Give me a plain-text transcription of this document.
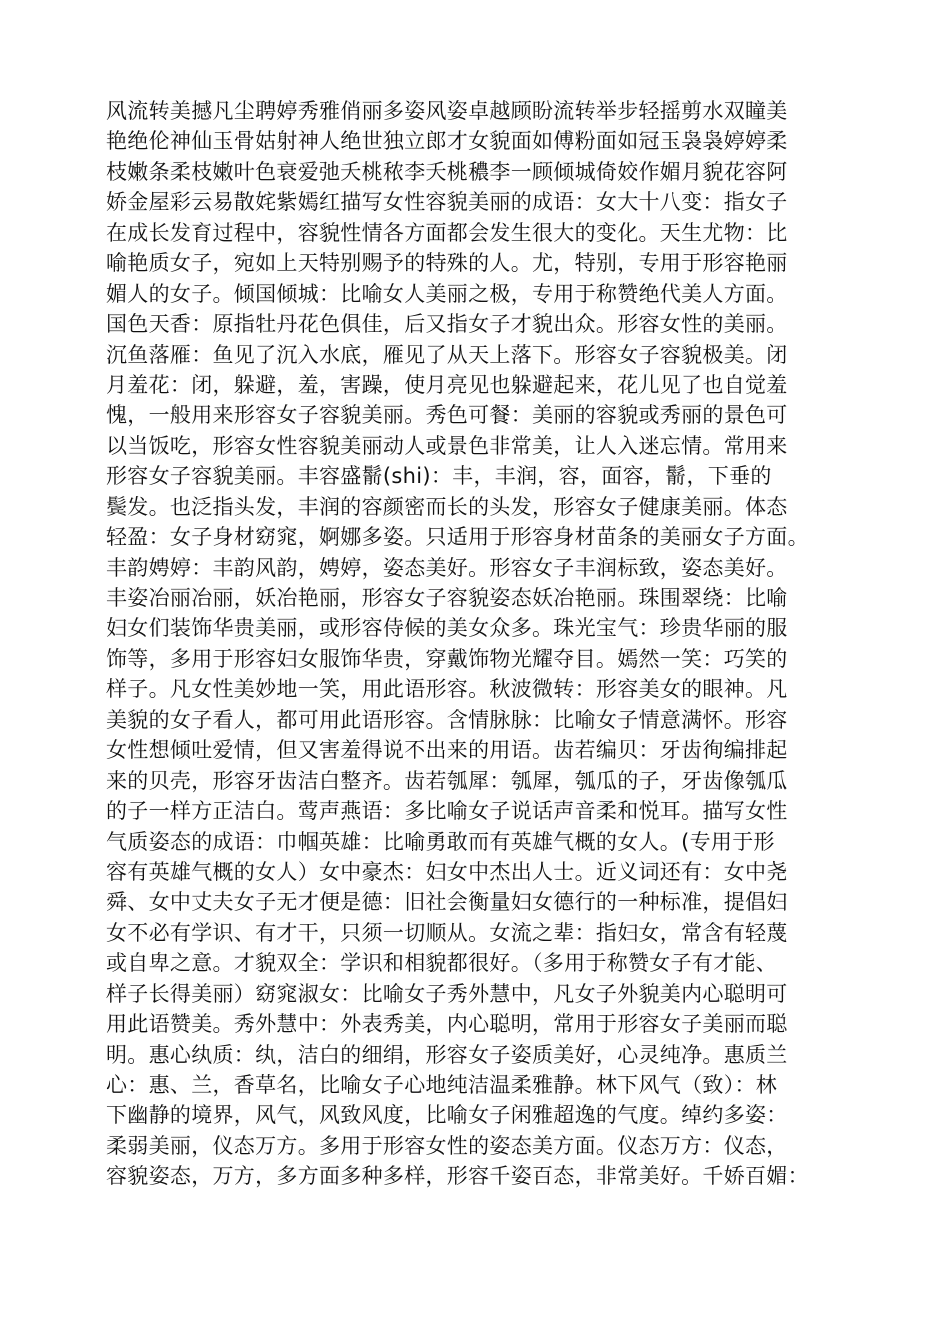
风流转美撼凡尘聘婷秀雅俏丽多姿风姿卓越顾盼流转举步轻摇剪水双瞳美
艳绝伦神仙玉骨姑射神人绝世独立郎才女貌面如傅粉面如冠玉袅袅婷婷柔
枝嫩条柔枝嫩叶色衰爱弛夭桃秾李夭桃穠李一顾倾城倚姣作媚月貌花容阿
娇金屋彩云易散姹紫嫣红描写女性容貌美丽的成语：女大十八变：指女子
在成长发育过程中，容貌性情各方面都会发生很大的变化。天生尤物：比
喻艳质女子，宛如上天特别赐予的特殊的人。尤，特别，专用于形容艳丽
媚人的女子。倾国倾城：比喻女人美丽之极，专用于称赞绝代美人方面。
国色天香：原指牡丹花色俱佳，后又指女子才貌出众。形容女性的美丽。
沉鱼落雁：鱼见了沉入水底，雁见了从天上落下。形容女子容貌极美。闭
月羞花：闭，躲避，羞，害躁，使月亮见也躲避起来，花儿见了也自觉羞
愧，一般用来形容女子容貌美丽。秀色可餐：美丽的容貌或秀丽的景色可
以当饭吃，形容女性容貌美丽动人或景色非常美，让人入迷忘情。常用来
形容女子容貌美丽。丰容盛鬋(shi)：丰，丰润，容，面容，鬋，下垂的
鬓发。也泛指头发，丰润的容颜密而长的头发，形容女子健康美丽。体态
轻盈：女子身材窈窕，婀娜多姿。只适用于形容身材苗条的美丽女子方面。
丰韵娉婷：丰韵风韵，娉婷，姿态美好。形容女子丰润标致，姿态美好。
丰姿冶丽冶丽，妖冶艳丽，形容女子容貌姿态妖冶艳丽。珠围翠绕：比喻
妇女们装饰华贵美丽，或形容侍候的美女众多。珠光宝气：珍贵华丽的服
饰等，多用于形容妇女服饰华贵，穿戴饰物光耀夺目。嫣然一笑：巧笑的
样子。凡女性美妙地一笑，用此语形容。秋波微转：形容美女的眼神。凡
美貌的女子看人，都可用此语形容。含情脉脉：比喻女子情意满怀。形容
女性想倾吐爱情，但又害羞得说不出来的用语。齿若编贝：牙齿徇编排起
来的贝壳，形容牙齿洁白整齐。齿若瓠犀：瓠犀，瓠瓜的子，牙齿像瓠瓜
的子一样方正洁白。莺声燕语：多比喻女子说话声音柔和悦耳。描写女性
气质姿态的成语：巾帼英雄：比喻勇敢而有英雄气概的女人。(专用于形
容有英雄气概的女人）女中豪杰：妇女中杰出人士。近义词还有：女中尧
舜、女中丈夫女子无才便是德：旧社会衡量妇女德行的一种标准，提倡妇
女不必有学识、有才干，只须一切顺从。女流之辈：指妇女，常含有轻蔑
或自卑之意。才貌双全：学识和相貌都很好。（多用于称赞女子有才能、
样子长得美丽）窈窕淑女：比喻女子秀外慧中，凡女子外貌美内心聪明可
用此语赞美。秀外慧中：外表秀美，内心聪明，常用于形容女子美丽而聪
明。惠心纨质：纨，洁白的细绢，形容女子姿质美好，心灵纯净。惠质兰
心：惠、兰，香草名，比喻女子心地纯洁温柔雅静。林下风气（致）：林
下幽静的境界，风气，风致风度，比喻女子闲雅超逸的气度。绰约多姿：
柔弱美丽，仪态万方。多用于形容女性的姿态美方面。仪态万方：仪态，
容貌姿态，万方，多方面多种多样，形容千姿百态，非常美好。千娇百媚：
